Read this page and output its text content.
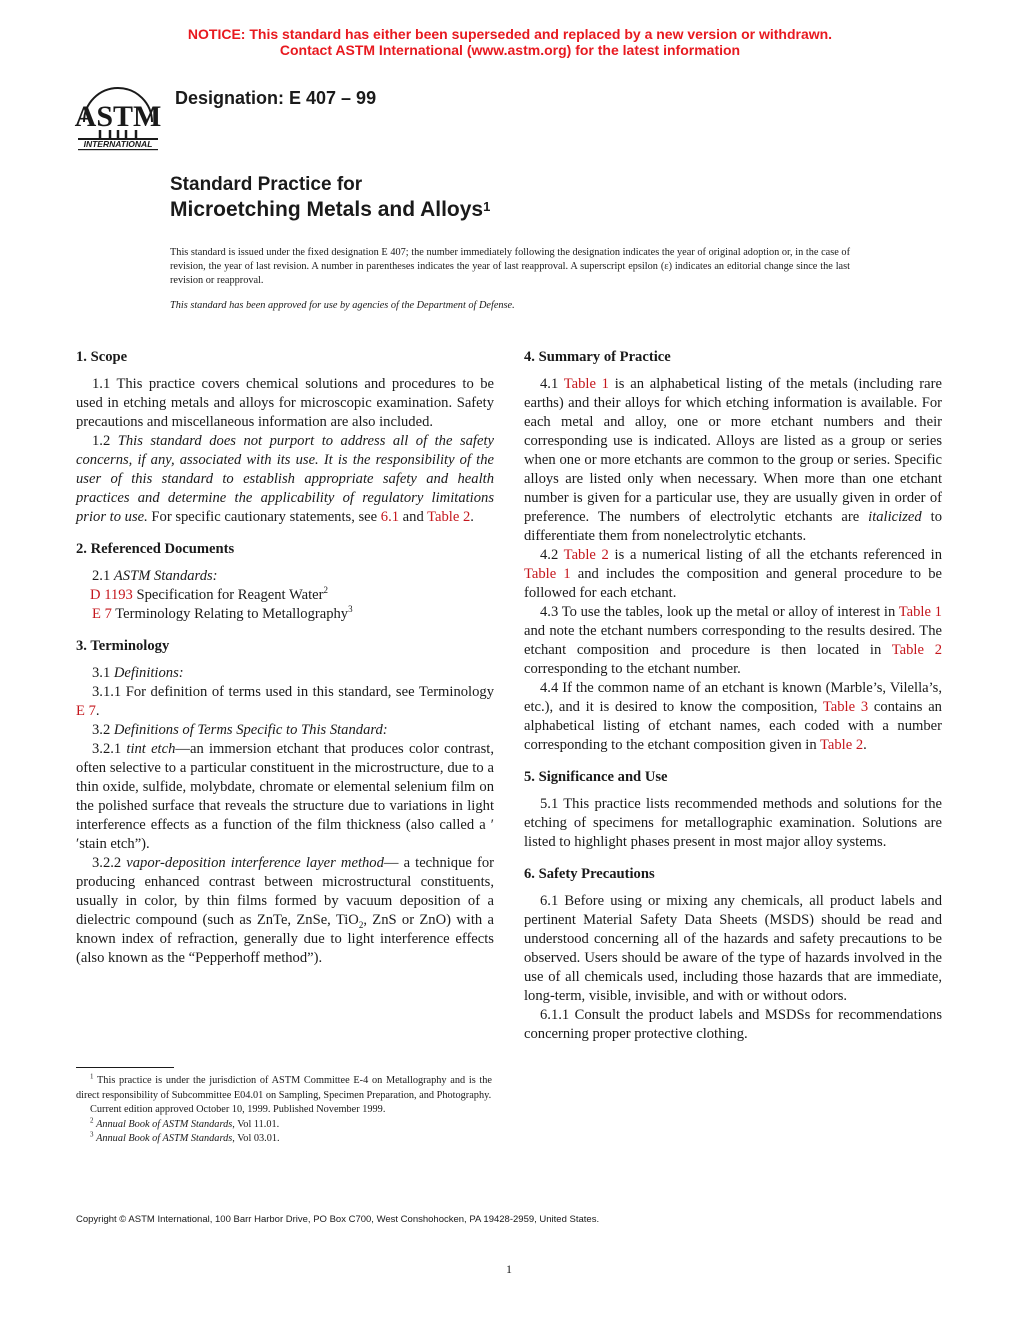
NOTICE: This standard has either been superseded and replaced by a new version or withdrawn.
Contact ASTM International (www.astm.org) for the latest information
ASTM
INTERNATIONAL
Designation: E 407 – 99
Standard Practice for
Microetching Metals and Alloys$^1$
This standard is issued under the fixed designation E 407; the number immediately following the designation indicates the year of original adoption or, in the case of revision, the year of last revision. A number in parentheses indicates the year of last reapproval. A superscript epsilon (ε) indicates an editorial change since the last revision or reapproval.
This standard has been approved for use by agencies of the Department of Defense.
1. Scope

1.1 This practice covers chemical solutions and procedures to be used in etching metals and alloys for microscopic examination. Safety precautions and miscellaneous information are also included.

1.2 This standard does not purport to address all of the safety concerns, if any, associated with its use. It is the responsibility of the user of this standard to establish appropriate safety and health practices and determine the applicability of regulatory limitations prior to use. For specific cautionary statements, see 6.1 and Table 2.

2. Referenced Documents

2.1 ASTM Standards:

D 1193 Specification for Reagent Water$^2$

E 7 Terminology Relating to Metallography$^3$

3. Terminology

3.1 Definitions:

3.1.1 For definition of terms used in this standard, see Terminology E 7.

3.2 Definitions of Terms Specific to This Standard:

3.2.1 tint etch—an immersion etchant that produces color contrast, often selective to a particular constituent in the microstructure, due to a thin oxide, sulfide, molybdate, chromate or elemental selenium film on the polished surface that reveals the structure due to variations in light interference effects as a function of the film thickness (also called a ′′stain etch”).

3.2.2 vapor-deposition interference layer method— a technique for producing enhanced contrast between microstructural constituents, usually in color, by thin films formed by vacuum deposition of a dielectric compound (such as ZnTe, ZnSe, TiO$_2$, ZnS or ZnO) with a known index of refraction, generally due to light interference effects (also known as the “Pepperhoff method”).

4. Summary of Practice

4.1 Table 1 is an alphabetical listing of the metals (including rare earths) and their alloys for which etching information is available. For each metal and alloy, one or more etchant numbers and their corresponding use is indicated. Alloys are listed as a group or series when one or more etchants are common to the group or series. Specific alloys are listed only when necessary. When more than one etchant number is given for a particular use, they are usually given in order of preference. The numbers of electrolytic etchants are italicized to differentiate them from nonelectrolytic etchants.

4.2 Table 2 is a numerical listing of all the etchants referenced in Table 1 and includes the composition and general procedure to be followed for each etchant.

4.3 To use the tables, look up the metal or alloy of interest in Table 1 and note the etchant numbers corresponding to the results desired. The etchant composition and procedure is then located in Table 2 corresponding to the etchant number.

4.4 If the common name of an etchant is known (Marble’s, Vilella’s, etc.), and it is desired to know the composition, Table 3 contains an alphabetical listing of etchant names, each coded with a number corresponding to the etchant composition given in Table 2.

5. Significance and Use

5.1 This practice lists recommended methods and solutions for the etching of specimens for metallographic examination. Solutions are listed to highlight phases present in most major alloy systems.

6. Safety Precautions

6.1 Before using or mixing any chemicals, all product labels and pertinent Material Safety Data Sheets (MSDS) should be read and understood concerning all of the hazards and safety precautions to be observed. Users should be aware of the type of hazards involved in the use of all chemicals used, including those hazards that are immediate, long-term, visible, invisible, and with or without odors.

6.1.1 Consult the product labels and MSDSs for recommendations concerning proper protective clothing.

$^1$ This practice is under the jurisdiction of ASTM Committee E-4 on Metallography and is the direct responsibility of Subcommittee E04.01 on Sampling, Specimen Preparation, and Photography.

Current edition approved October 10, 1999. Published November 1999.

$^2$ Annual Book of ASTM Standards, Vol 11.01.

$^3$ Annual Book of ASTM Standards, Vol 03.01.

Copyright © ASTM International, 100 Barr Harbor Drive, PO Box C700, West Conshohocken, PA 19428-2959, United States.
1
